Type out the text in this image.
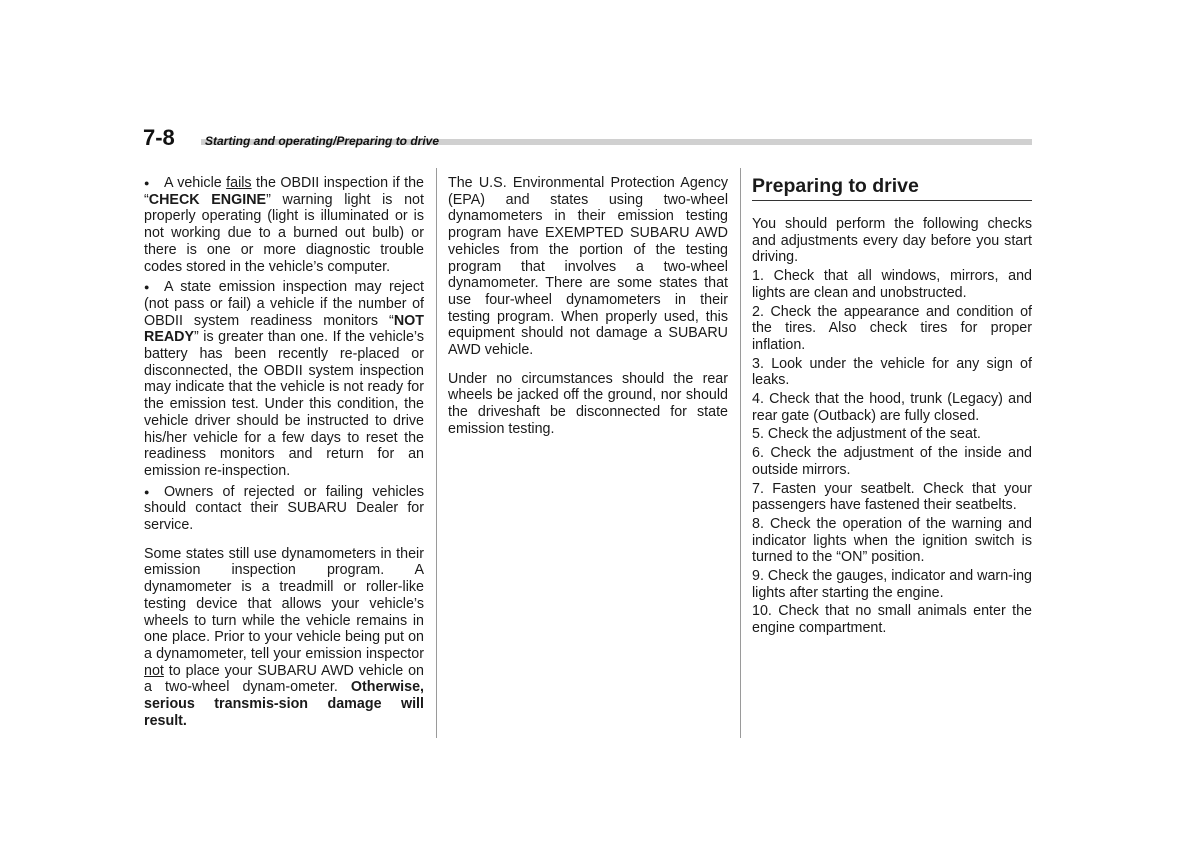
7-8	Starting and operating/Preparing to drive

● A vehicle fails the OBDII inspection if the “CHECK ENGINE” warning light is not properly operating (light is illuminated or is not working due to a burned out bulb) or there is one or more diagnostic trouble codes stored in the vehicle’s computer.

● A state emission inspection may reject (not pass or fail) a vehicle if the number of OBDII system readiness monitors “NOT READY” is greater than one. If the vehicle’s battery has been recently re-placed or disconnected, the OBDII system inspection may indicate that the vehicle is not ready for the emission test. Under this condition, the vehicle driver should be instructed to drive his/her vehicle for a few days to reset the readiness monitors and return for an emission re-inspection.

● Owners of rejected or failing vehicles should contact their SUBARU Dealer for service.

Some states still use dynamometers in their emission inspection program. A dynamometer is a treadmill or roller-like testing device that allows your vehicle’s wheels to turn while the vehicle remains in one place. Prior to your vehicle being put on a dynamometer, tell your emission inspector not to place your SUBARU AWD vehicle on a two-wheel dynam-ometer. Otherwise, serious transmis-sion damage will result.

The U.S. Environmental Protection Agency (EPA) and states using two-wheel dynamometers in their emission testing program have EXEMPTED SUBARU AWD vehicles from the portion of the testing program that involves a two-wheel dynamometer. There are some states that use four-wheel dynamometers in their testing program. When properly used, this equipment should not damage a SUBARU AWD vehicle.

Under no circumstances should the rear wheels be jacked off the ground, nor should the driveshaft be disconnected for state emission testing.

Preparing to drive

You should perform the following checks and adjustments every day before you start driving.

1. Check that all windows, mirrors, and lights are clean and unobstructed.

2. Check the appearance and condition of the tires. Also check tires for proper inflation.

3. Look under the vehicle for any sign of leaks.

4. Check that the hood, trunk (Legacy) and rear gate (Outback) are fully closed.

5. Check the adjustment of the seat.

6. Check the adjustment of the inside and outside mirrors.

7. Fasten your seatbelt. Check that your passengers have fastened their seatbelts.

8. Check the operation of the warning and indicator lights when the ignition switch is turned to the “ON” position.

9. Check the gauges, indicator and warn-ing lights after starting the engine.

10. Check that no small animals enter the engine compartment.
